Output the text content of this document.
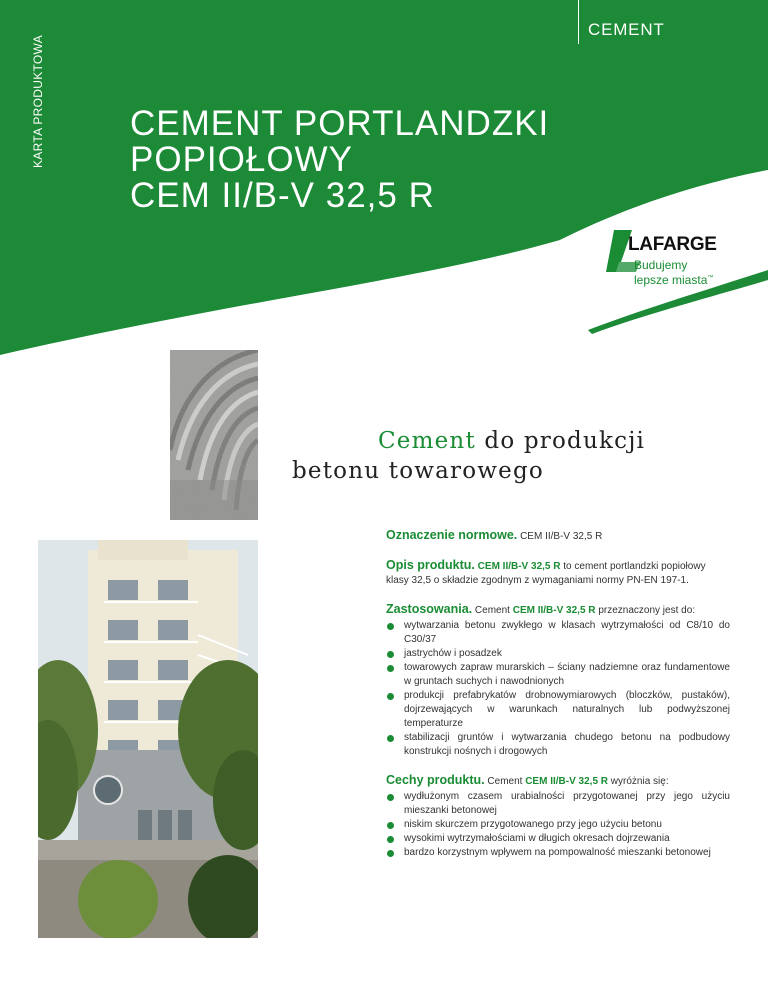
KARTA PRODUKTOWA
CEMENT
CEMENT PORTLANDZKI
POPIOŁOWY
CEM II/B-V 32,5 R
LAFARGE
Budujemy
lepsze miasta™
Cement do produkcji
betonu towarowego
Oznaczenie normowe. CEM II/B-V 32,5 R
Opis produktu. CEM II/B-V 32,5 R to cement portlandzki popiołowy klasy 32,5 o składzie zgodnym z wymaganiami normy PN-EN 197-1.
Zastosowania. Cement CEM II/B-V 32,5 R przeznaczony jest do:
wytwarzania betonu zwykłego w klasach wytrzymałości od C8/10 do C30/37
jastrychów i posadzek
towarowych zapraw murarskich – ściany nadziemne oraz fundamentowe w gruntach suchych i nawodnionych
produkcji prefabrykatów drobnowymiarowych (bloczków, pustaków), dojrzewających w warunkach naturalnych lub podwyższonej temperaturze
stabilizacji gruntów i wytwarzania chudego betonu na podbudowy konstrukcji nośnych i drogowych
Cechy produktu. Cement CEM II/B-V 32,5 R wyróżnia się:
wydłużonym czasem urabialności przygotowanej przy jego użyciu mieszanki betonowej
niskim skurczem przygotowanego przy jego użyciu betonu
wysokimi wytrzymałościami w długich okresach dojrzewania
bardzo korzystnym wpływem na pompowalność mieszanki betonowej
